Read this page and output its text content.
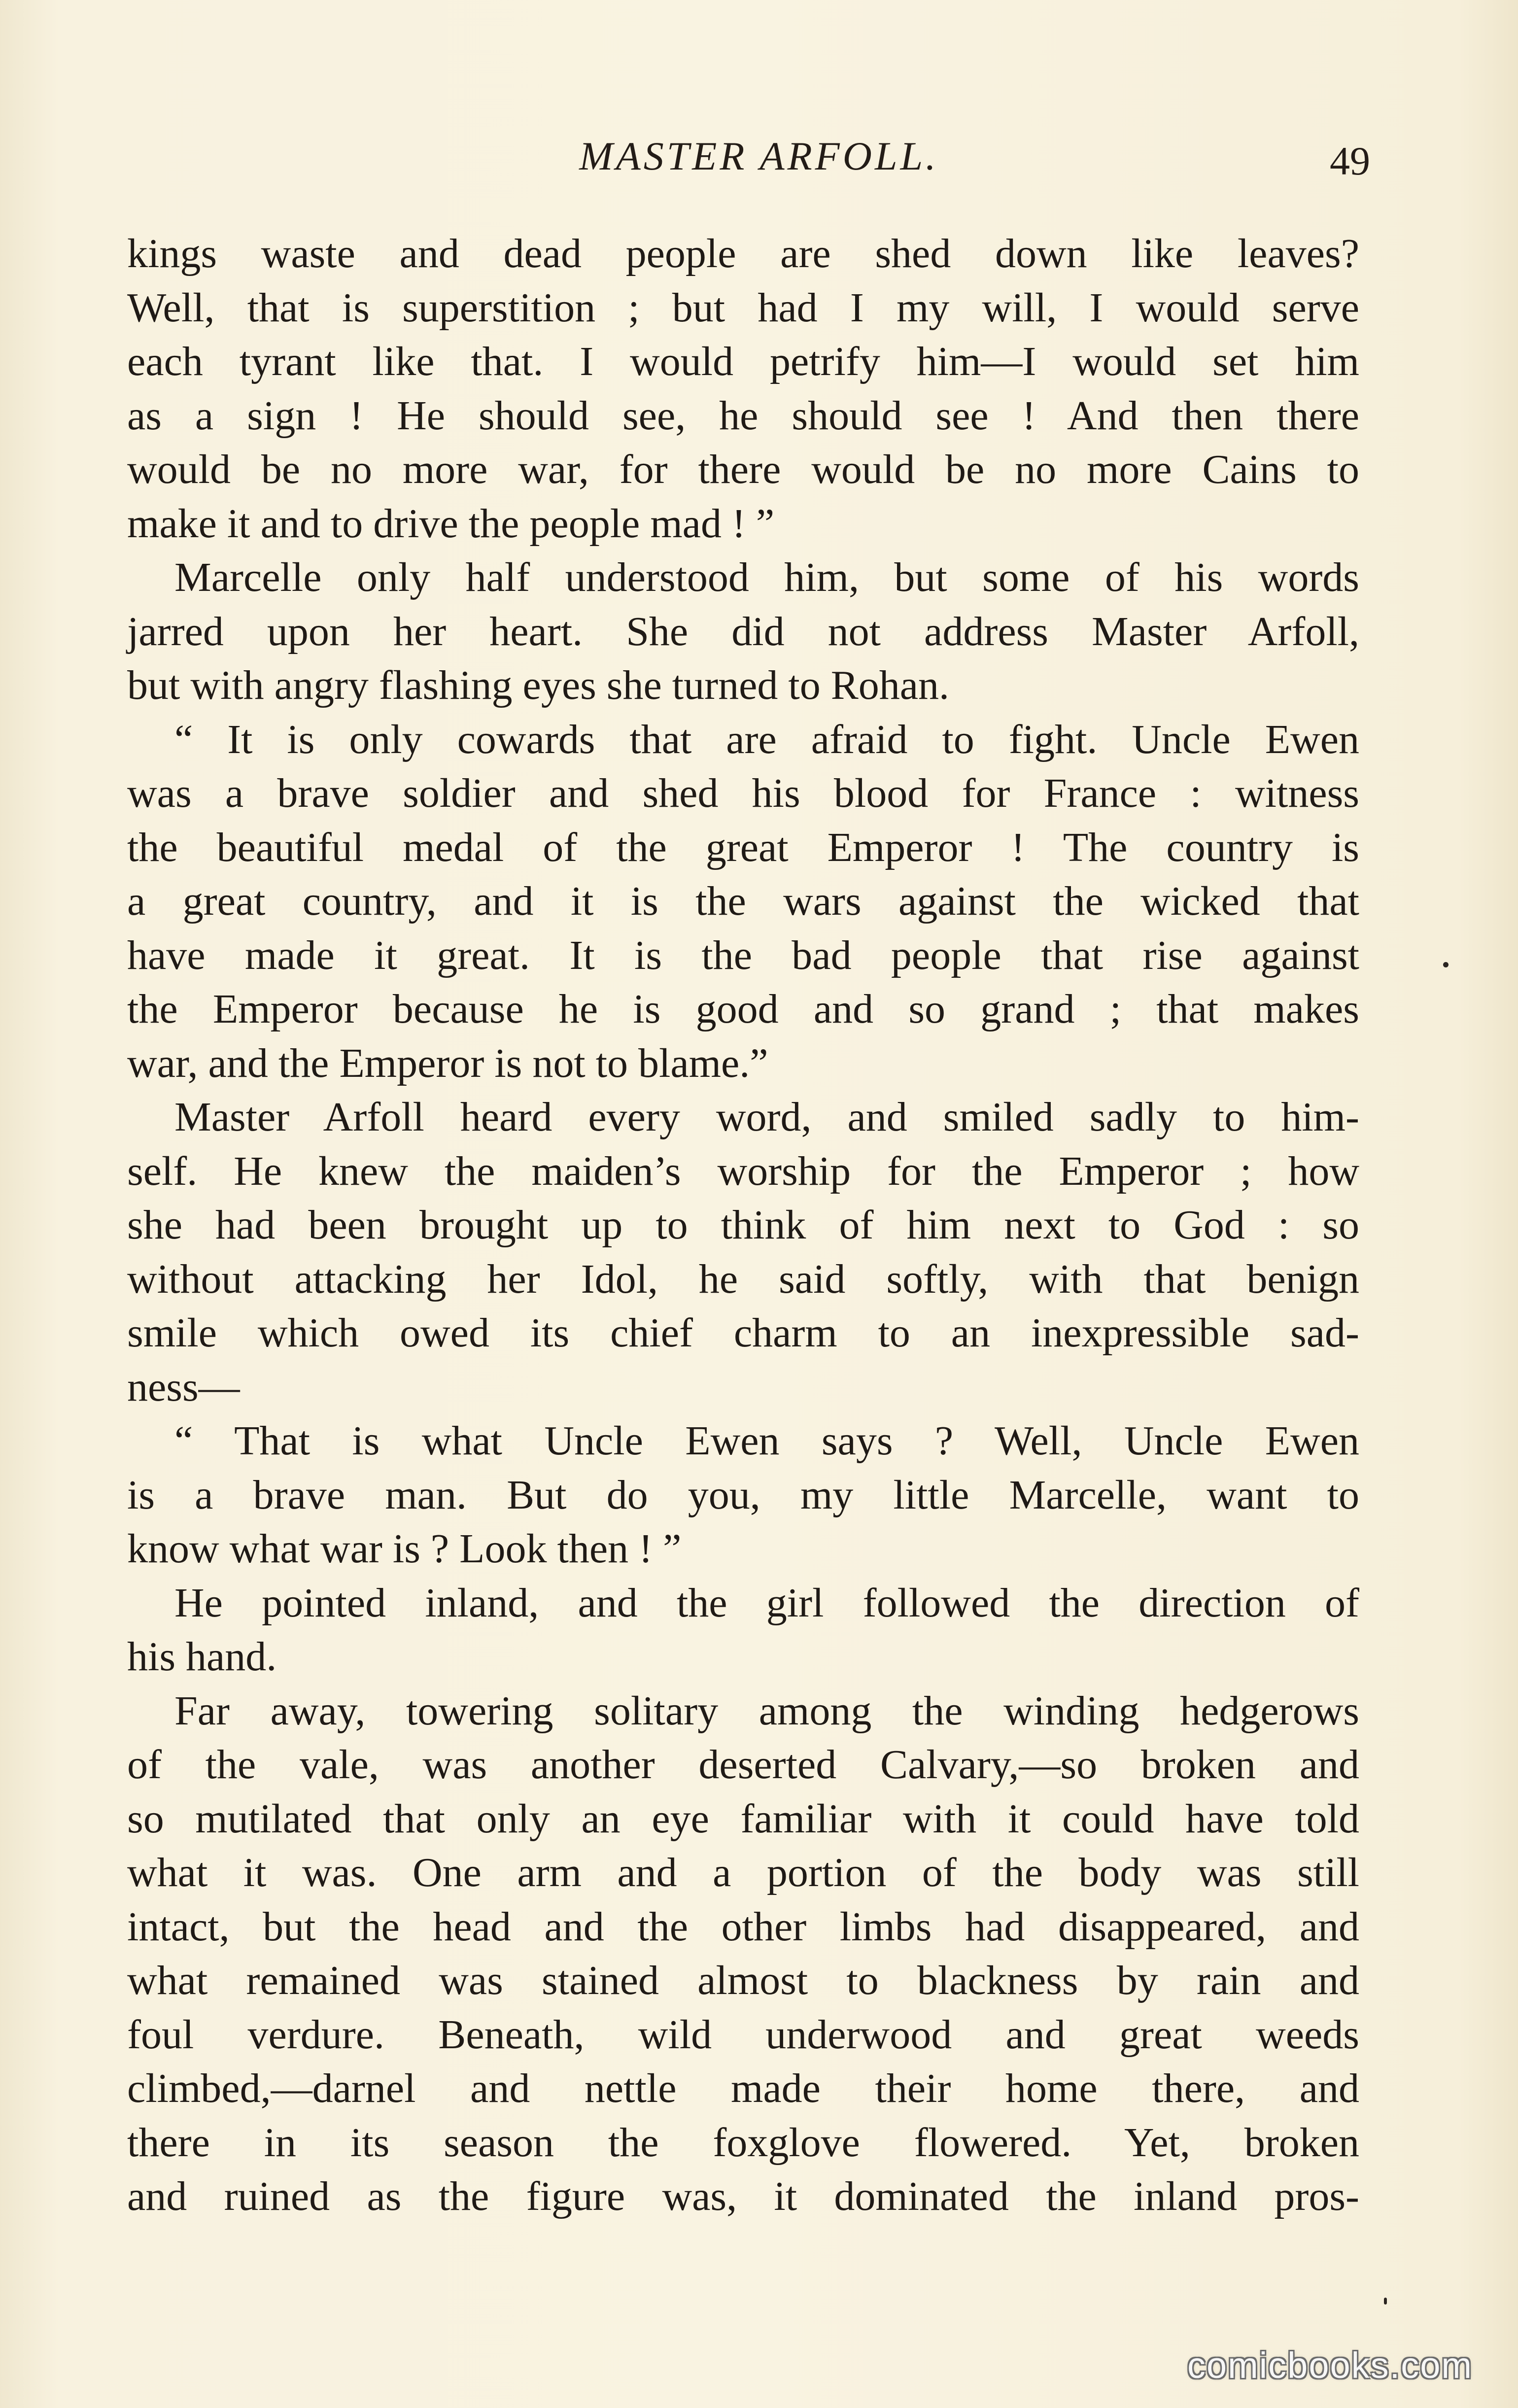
MASTER ARFOLL.	49
kings waste and dead people are shed down like leaves?
Well, that is superstition ; but had I my will, I would serve
each tyrant like that. I would petrify him—I would set him
as a sign ! He should see, he should see ! And then there
would be no more war, for there would be no more Cains to
make it and to drive the people mad ! ”
Marcelle only half understood him, but some of his words
jarred upon her heart. She did not address Master Arfoll,
but with angry flashing eyes she turned to Rohan.
“ It is only cowards that are afraid to fight. Uncle Ewen
was a brave soldier and shed his blood for France : witness
the beautiful medal of the great Emperor ! The country is
a great country, and it is the wars against the wicked that
have made it great. It is the bad people that rise against
the Emperor because he is good and so grand ; that makes
war, and the Emperor is not to blame.”
Master Arfoll heard every word, and smiled sadly to him-
self. He knew the maiden’s worship for the Emperor ; how
she had been brought up to think of him next to God : so
without attacking her Idol, he said softly, with that benign
smile which owed its chief charm to an inexpressible sad-
ness—
“ That is what Uncle Ewen says ? Well, Uncle Ewen
is a brave man. But do you, my little Marcelle, want to
know what war is ? Look then ! ”
He pointed inland, and the girl followed the direction of
his hand.
Far away, towering solitary among the winding hedgerows
of the vale, was another deserted Calvary,—so broken and
so mutilated that only an eye familiar with it could have told
what it was. One arm and a portion of the body was still
intact, but the head and the other limbs had disappeared, and
what remained was stained almost to blackness by rain and
foul verdure. Beneath, wild underwood and great weeds
climbed,—darnel and nettle made their home there, and
there in its season the foxglove flowered. Yet, broken
and ruined as the figure was, it dominated the inland pros-
comicbooks.com
